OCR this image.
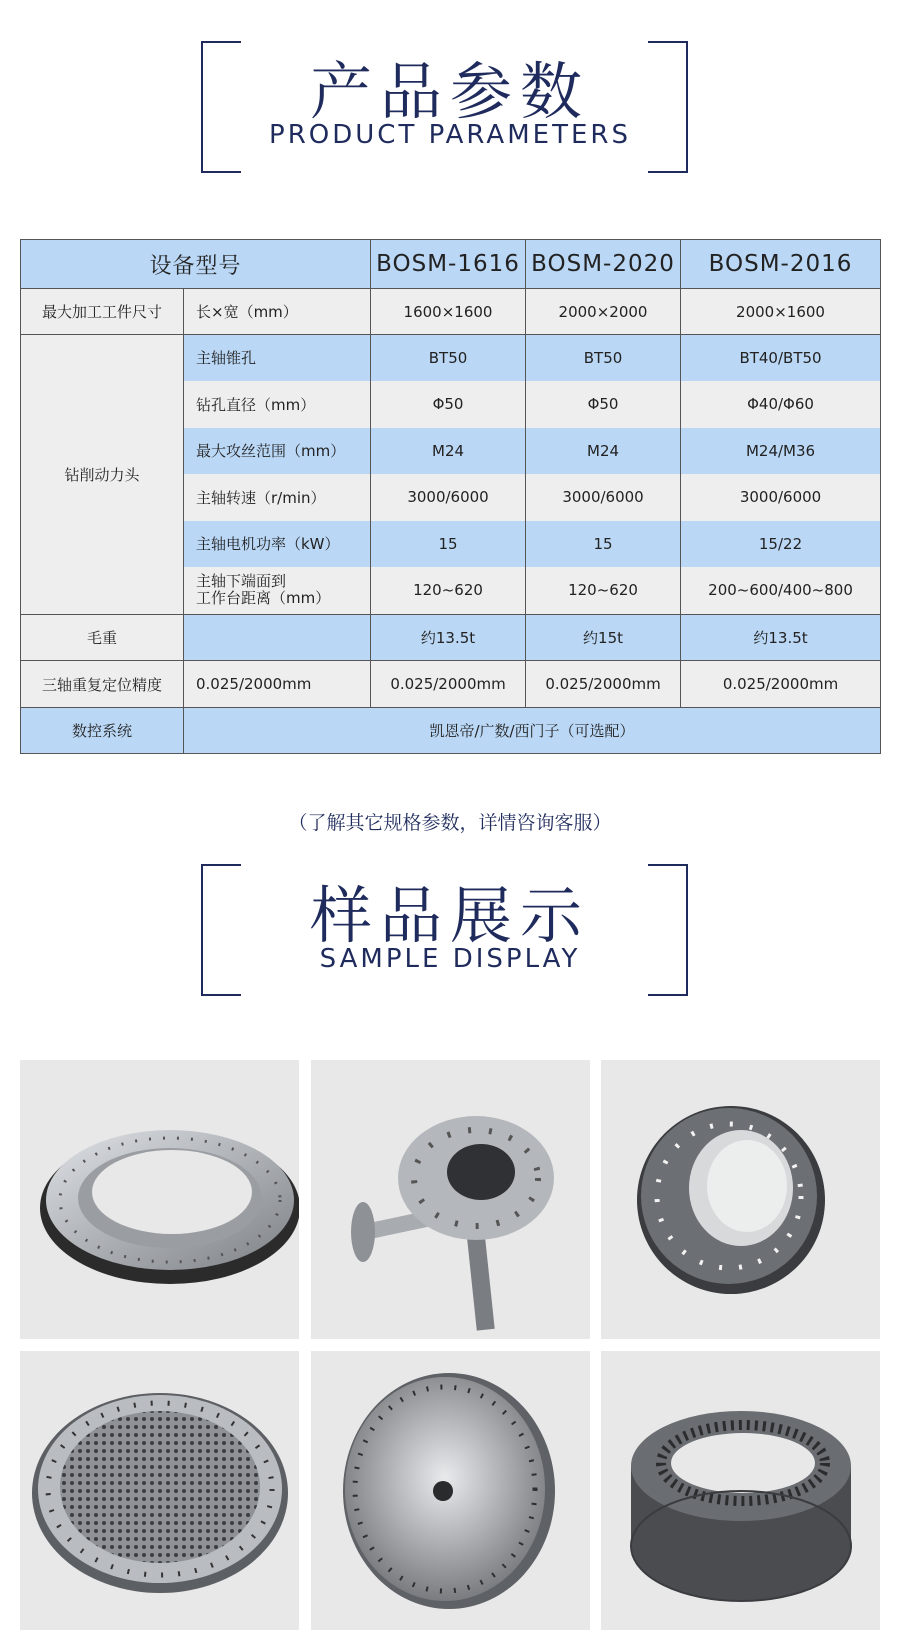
产品参数
PRODUCT PARAMETERS
设备型号		BOSM-1616	BOSM-2020	BOSM-2016
最大加工工件尺寸	长×宽（mm）	1600×1600	2000×2000	2000×1600
钻削动力头	主轴锥孔	BT50	BT50	BT40/BT50
	钻孔直径（mm）	Φ50	Φ50	Φ40/Φ60
	最大攻丝范围（mm）	M24	M24	M24/M36
	主轴转速（r/min）	3000/6000	3000/6000	3000/6000
	主轴电机功率（kW）	15	15	15/22
	主轴下端面到
工作台距离（mm）	120~620	120~620	200~600/400~800
毛重		约13.5t	约15t	约13.5t
三轴重复定位精度	0.025/2000mm	0.025/2000mm	0.025/2000mm	0.025/2000mm
数控系统	凯恩帝/广数/西门子（可选配）			
（了解其它规格参数，详情咨询客服）
样品展示
SAMPLE DISPLAY
